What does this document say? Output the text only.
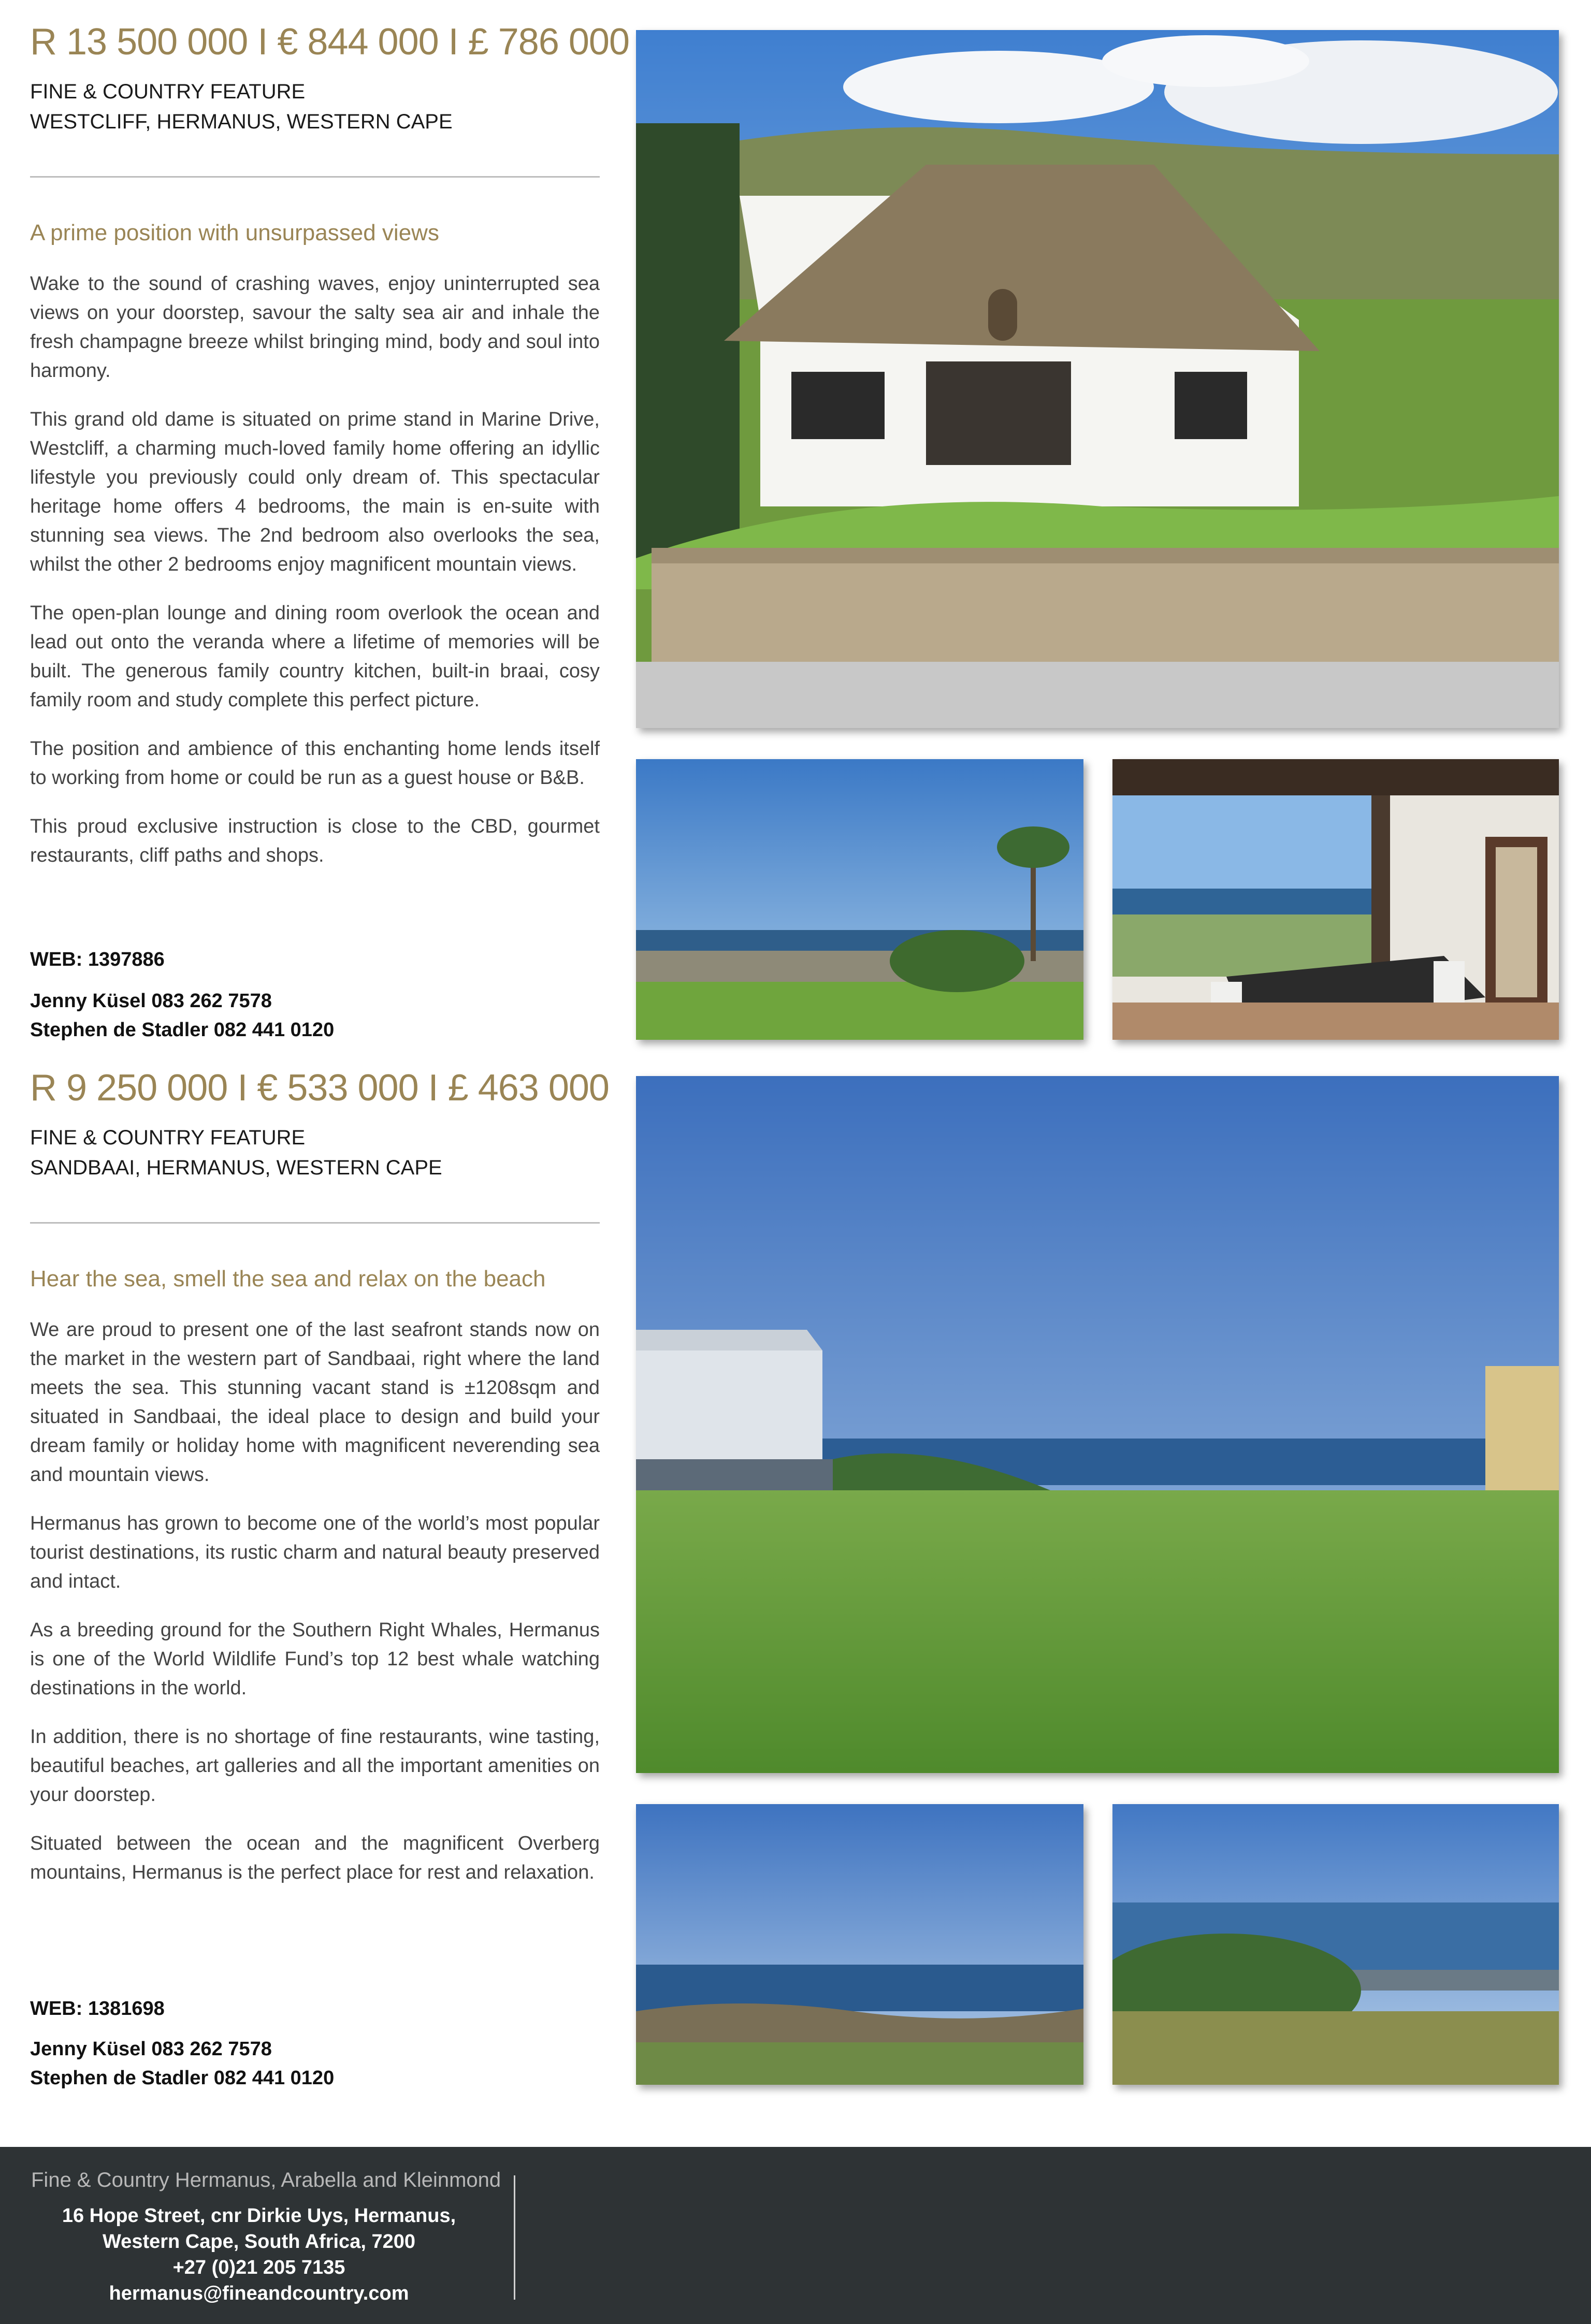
R 13 500 000 I € 844 000 I £ 786 000
FINE & COUNTRY FEATURE
WESTCLIFF, HERMANUS, WESTERN CAPE
A prime position with unsurpassed views

Wake to the sound of crashing waves, enjoy uninterrupted sea views on your doorstep, savour the salty sea air and inhale the fresh champagne breeze whilst bringing mind, body and soul into harmony.

This grand old dame is situated on prime stand in Marine Drive, Westcliff, a charming much-loved family home offering an idyllic lifestyle you previously could only dream of. This spectacular heritage home offers 4 bedrooms, the main is en-suite with stunning sea views. The 2nd bedroom also overlooks the sea, whilst the other 2 bedrooms enjoy magnificent mountain views.

The open-plan lounge and dining room overlook the ocean and lead out onto the veranda where a lifetime of memories will be built. The generous family country kitchen, built-in braai, cosy family room and study complete this perfect picture.

The position and ambience of this enchanting home lends itself to working from home or could be run as a guest house or B&B.

This proud exclusive instruction is close to the CBD, gourmet restaurants, cliff paths and shops.

WEB: 1397886

Jenny Küsel 083 262 7578

Stephen de Stadler 082 441 0120

R 9 250 000 I € 533 000 I £ 463 000
FINE & COUNTRY FEATURE
SANDBAAI, HERMANUS, WESTERN CAPE
Hear the sea, smell the sea and relax on the beach

We are proud to present one of the last seafront stands now on the market in the western part of Sandbaai, right where the land meets the sea. This stunning vacant stand is ±1208sqm and situated in Sandbaai, the ideal place to design and build your dream family or holiday home with magnificent neverending sea and mountain views.

Hermanus has grown to become one of the world’s most popular tourist destinations, its rustic charm and natural beauty preserved and intact.

As a breeding ground for the Southern Right Whales, Hermanus is one of the World Wildlife Fund’s top 12 best whale watching destinations in the world.

In addition, there is no shortage of fine restaurants, wine tasting, beautiful beaches, art galleries and all the important amenities on your doorstep.

Situated between the ocean and the magnificent Overberg mountains, Hermanus is the perfect place for rest and relaxation.

WEB: 1381698

Jenny Küsel 083 262 7578

Stephen de Stadler 082 441 0120

Fine & Country Hermanus, Arabella and Kleinmond

16 Hope Street, cnr Dirkie Uys, Hermanus,
Western Cape, South Africa, 7200
+27 (0)21 205 7135
hermanus@fineandcountry.com
